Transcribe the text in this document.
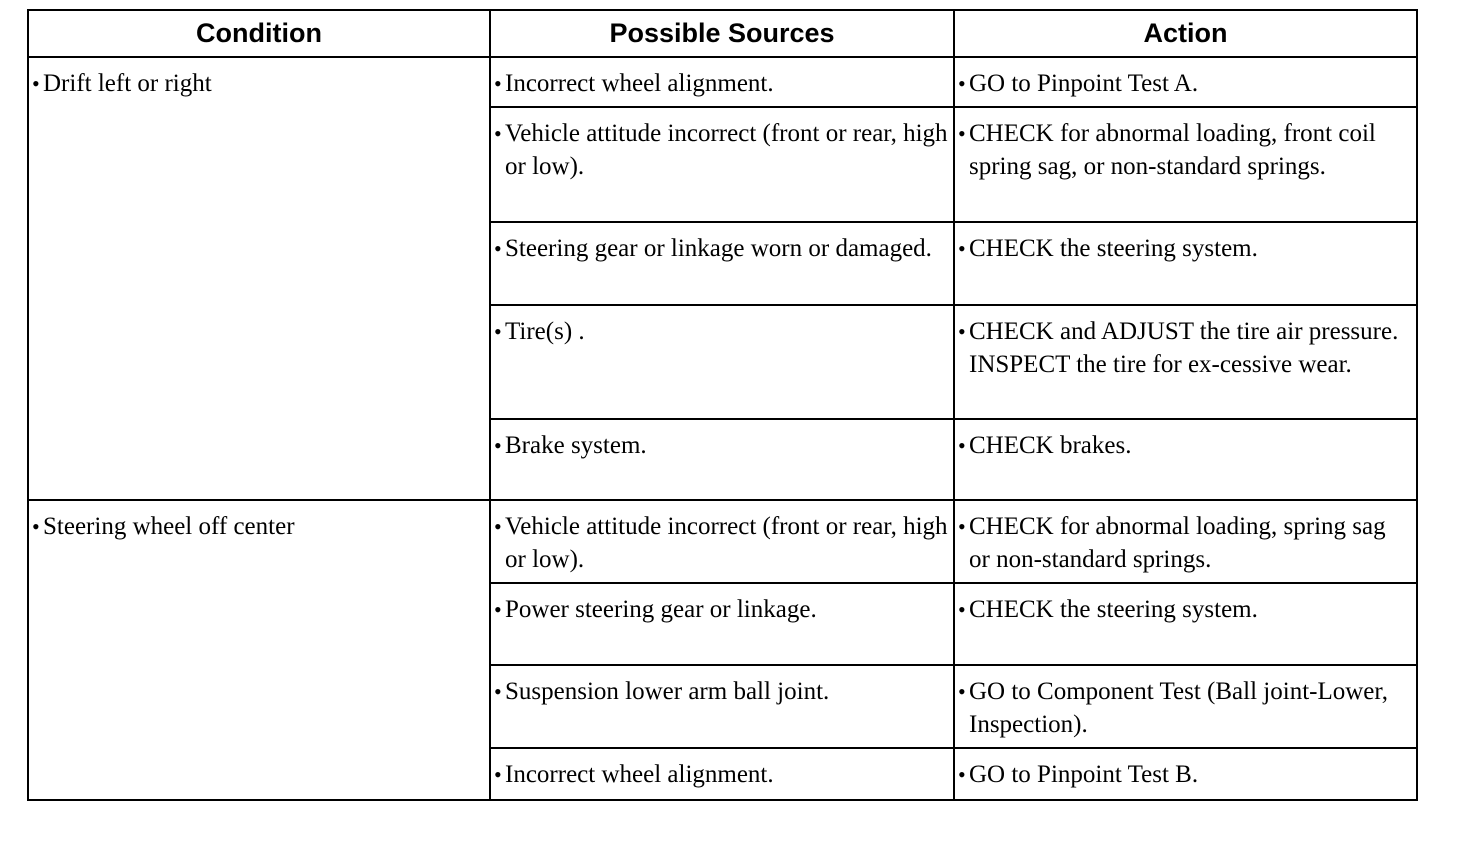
Condition	Possible Sources	Action

• Drift left or right	• Incorrect wheel alignment.	• GO to Pinpoint Test A.

	• Vehicle attitude incorrect (front or rear, high or low).	• CHECK for abnormal loading, front coil spring sag, or non-standard springs.

	• Steering gear or linkage worn or damaged.	• CHECK the steering system.

	• Tire(s) .	• CHECK and ADJUST the tire air pressure. INSPECT the tire for ex-cessive wear.

	• Brake system.	• CHECK brakes.

• Steering wheel off center	• Vehicle attitude incorrect (front or rear, high or low).	• CHECK for abnormal loading, spring sag or non-standard springs.

	• Power steering gear or linkage.	• CHECK the steering system.

	• Suspension lower arm ball joint.	• GO to Component Test (Ball joint-Lower, Inspection).

	• Incorrect wheel alignment.	• GO to Pinpoint Test B.
